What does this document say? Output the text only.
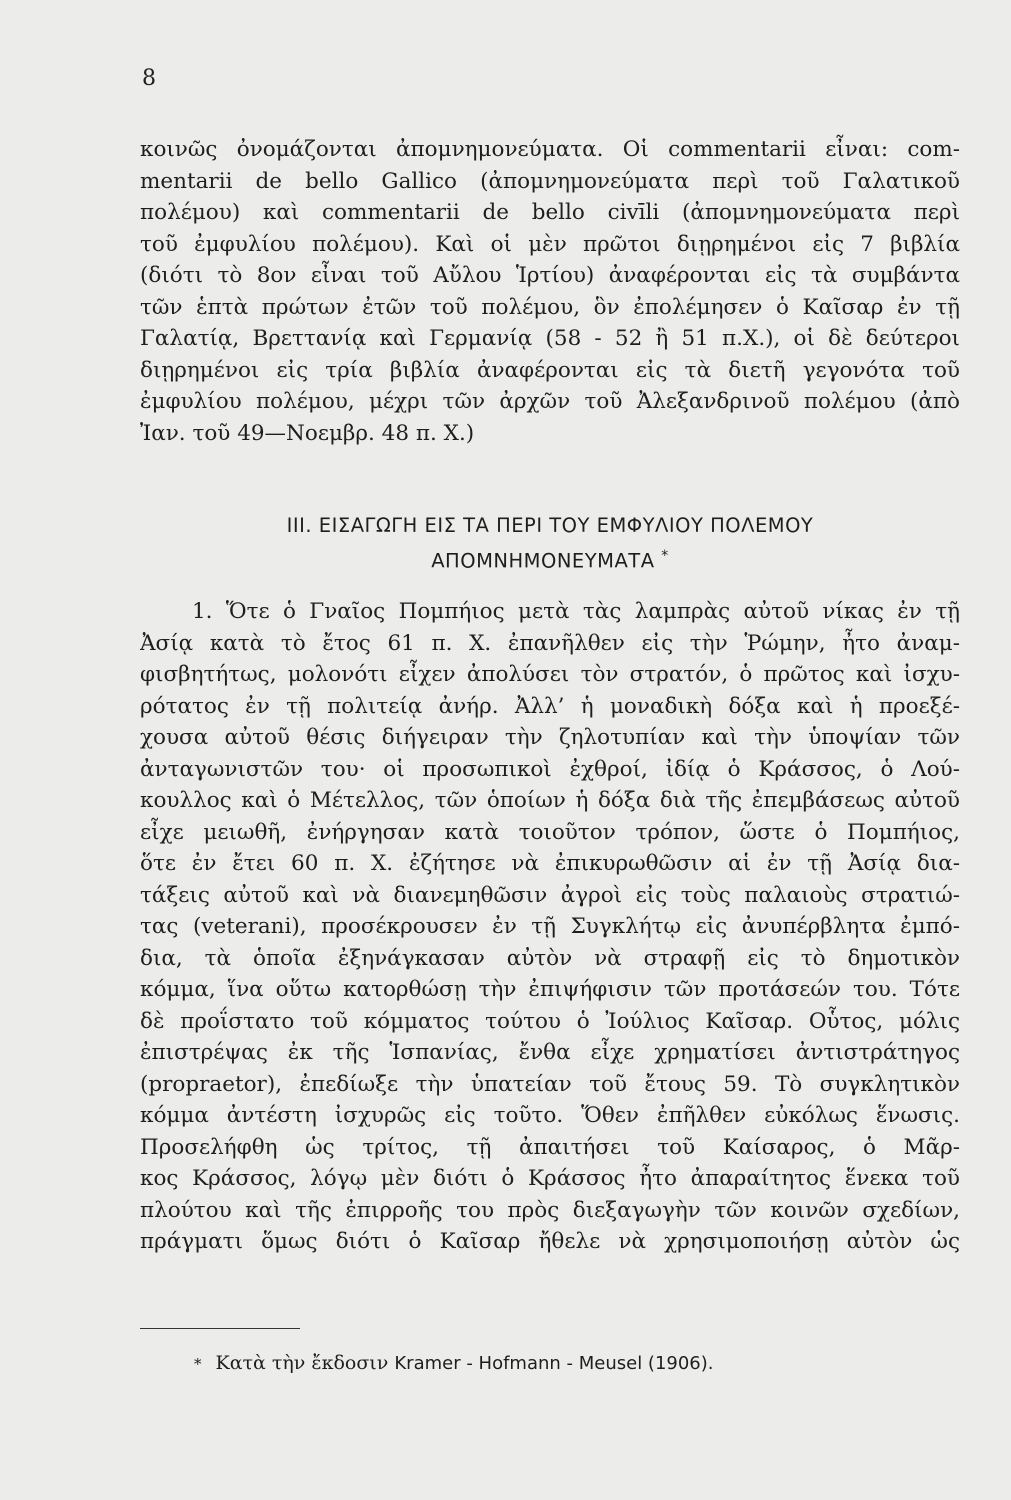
8
κοινῶς ὀνομάζονται ἀπομνημονεύματα. Οἱ commentarii εἶναι: com-
mentarii de bello Gallico (ἀπομνημονεύματα περὶ τοῦ Γαλατικοῦ
πολέμου) καὶ commentarii de bello civīli (ἀπομνημονεύματα περὶ
τοῦ ἐμφυλίου πολέμου). Καὶ οἱ μὲν πρῶτοι διῃρημένοι εἰς 7 βιβλία
(διότι τὸ 8ον εἶναι τοῦ Αὔλου Ἱρτίου) ἀναφέρονται εἰς τὰ συμβάντα
τῶν ἑπτὰ πρώτων ἐτῶν τοῦ πολέμου, ὃν ἐπολέμησεν ὁ Καῖσαρ ἐν τῇ
Γαλατίᾳ, Βρεττανίᾳ καὶ Γερμανίᾳ (58 - 52 ἢ 51 π.Χ.), οἱ δὲ δεύτεροι
διῃρημένοι εἰς τρία βιβλία ἀναφέρονται εἰς τὰ διετῆ γεγονότα τοῦ
ἐμφυλίου πολέμου, μέχρι τῶν ἀρχῶν τοῦ Ἀλεξανδρινοῦ πολέμου (ἀπὸ
Ἰαν. τοῦ 49—Νοεμβρ. 48 π. Χ.)
III. ΕΙΣΑΓΩΓΗ ΕΙΣ ΤΑ ΠΕΡΙ ΤΟΥ ΕΜΦΥΛΙΟΥ ΠΟΛΕΜΟΥ
ΑΠΟΜΝΗΜΟΝΕΥΜΑΤΑ *
1. Ὅτε ὁ Γναῖος Πομπήιος μετὰ τὰς λαμπρὰς αὐτοῦ νίκας ἐν τῇ
Ἀσίᾳ κατὰ τὸ ἔτος 61 π. Χ. ἐπανῆλθεν εἰς τὴν Ῥώμην, ἦτο ἀναμ-
φισβητήτως, μολονότι εἶχεν ἀπολύσει τὸν στρατόν, ὁ πρῶτος καὶ ἰσχυ-
ρότατος ἐν τῇ πολιτείᾳ ἀνήρ. Ἀλλ’ ἡ μοναδικὴ δόξα καὶ ἡ προεξέ-
χουσα αὐτοῦ θέσις διήγειραν τὴν ζηλοτυπίαν καὶ τὴν ὑποψίαν τῶν
ἀνταγωνιστῶν του· οἱ προσωπικοὶ ἐχθροί, ἰδίᾳ ὁ Κράσσος, ὁ Λού-
κουλλος καὶ ὁ Μέτελλος, τῶν ὁποίων ἡ δόξα διὰ τῆς ἐπεμβάσεως αὐτοῦ
εἶχε μειωθῆ, ἐνήργησαν κατὰ τοιοῦτον τρόπον, ὥστε ὁ Πομπήιος,
ὅτε ἐν ἔτει 60 π. Χ. ἐζήτησε νὰ ἐπικυρωθῶσιν αἱ ἐν τῇ Ἀσίᾳ δια-
τάξεις αὐτοῦ καὶ νὰ διανεμηθῶσιν ἀγροὶ εἰς τοὺς παλαιοὺς στρατιώ-
τας (veterani), προσέκρουσεν ἐν τῇ Συγκλήτῳ εἰς ἀνυπέρβλητα ἐμπό-
δια, τὰ ὁποῖα ἐξηνάγκασαν αὐτὸν νὰ στραφῇ εἰς τὸ δημοτικὸν
κόμμα, ἵνα οὕτω κατορθώσῃ τὴν ἐπιψήφισιν τῶν προτάσεών του. Τότε
δὲ προΐστατο τοῦ κόμματος τούτου ὁ Ἰούλιος Καῖσαρ. Οὗτος, μόλις
ἐπιστρέψας ἐκ τῆς Ἱσπανίας, ἔνθα εἶχε χρηματίσει ἀντιστράτηγος
(propraetor), ἐπεδίωξε τὴν ὑπατείαν τοῦ ἔτους 59. Τὸ συγκλητικὸν
κόμμα ἀντέστη ἰσχυρῶς εἰς τοῦτο. Ὅθεν ἐπῆλθεν εὐκόλως ἕνωσις.
Προσελήφθη ὡς τρίτος, τῇ ἀπαιτήσει τοῦ Καίσαρος, ὁ Μᾶρ-
κος Κράσσος, λόγῳ μὲν διότι ὁ Κράσσος ἦτο ἀπαραίτητος ἕνεκα τοῦ
πλούτου καὶ τῆς ἐπιρροῆς του πρὸς διεξαγωγὴν τῶν κοινῶν σχεδίων,
πράγματι ὅμως διότι ὁ Καῖσαρ ἤθελε νὰ χρησιμοποιήσῃ αὐτὸν ὡς
* Κατὰ τὴν ἔκδοσιν Kramer - Hofmann - Meusel (1906).
